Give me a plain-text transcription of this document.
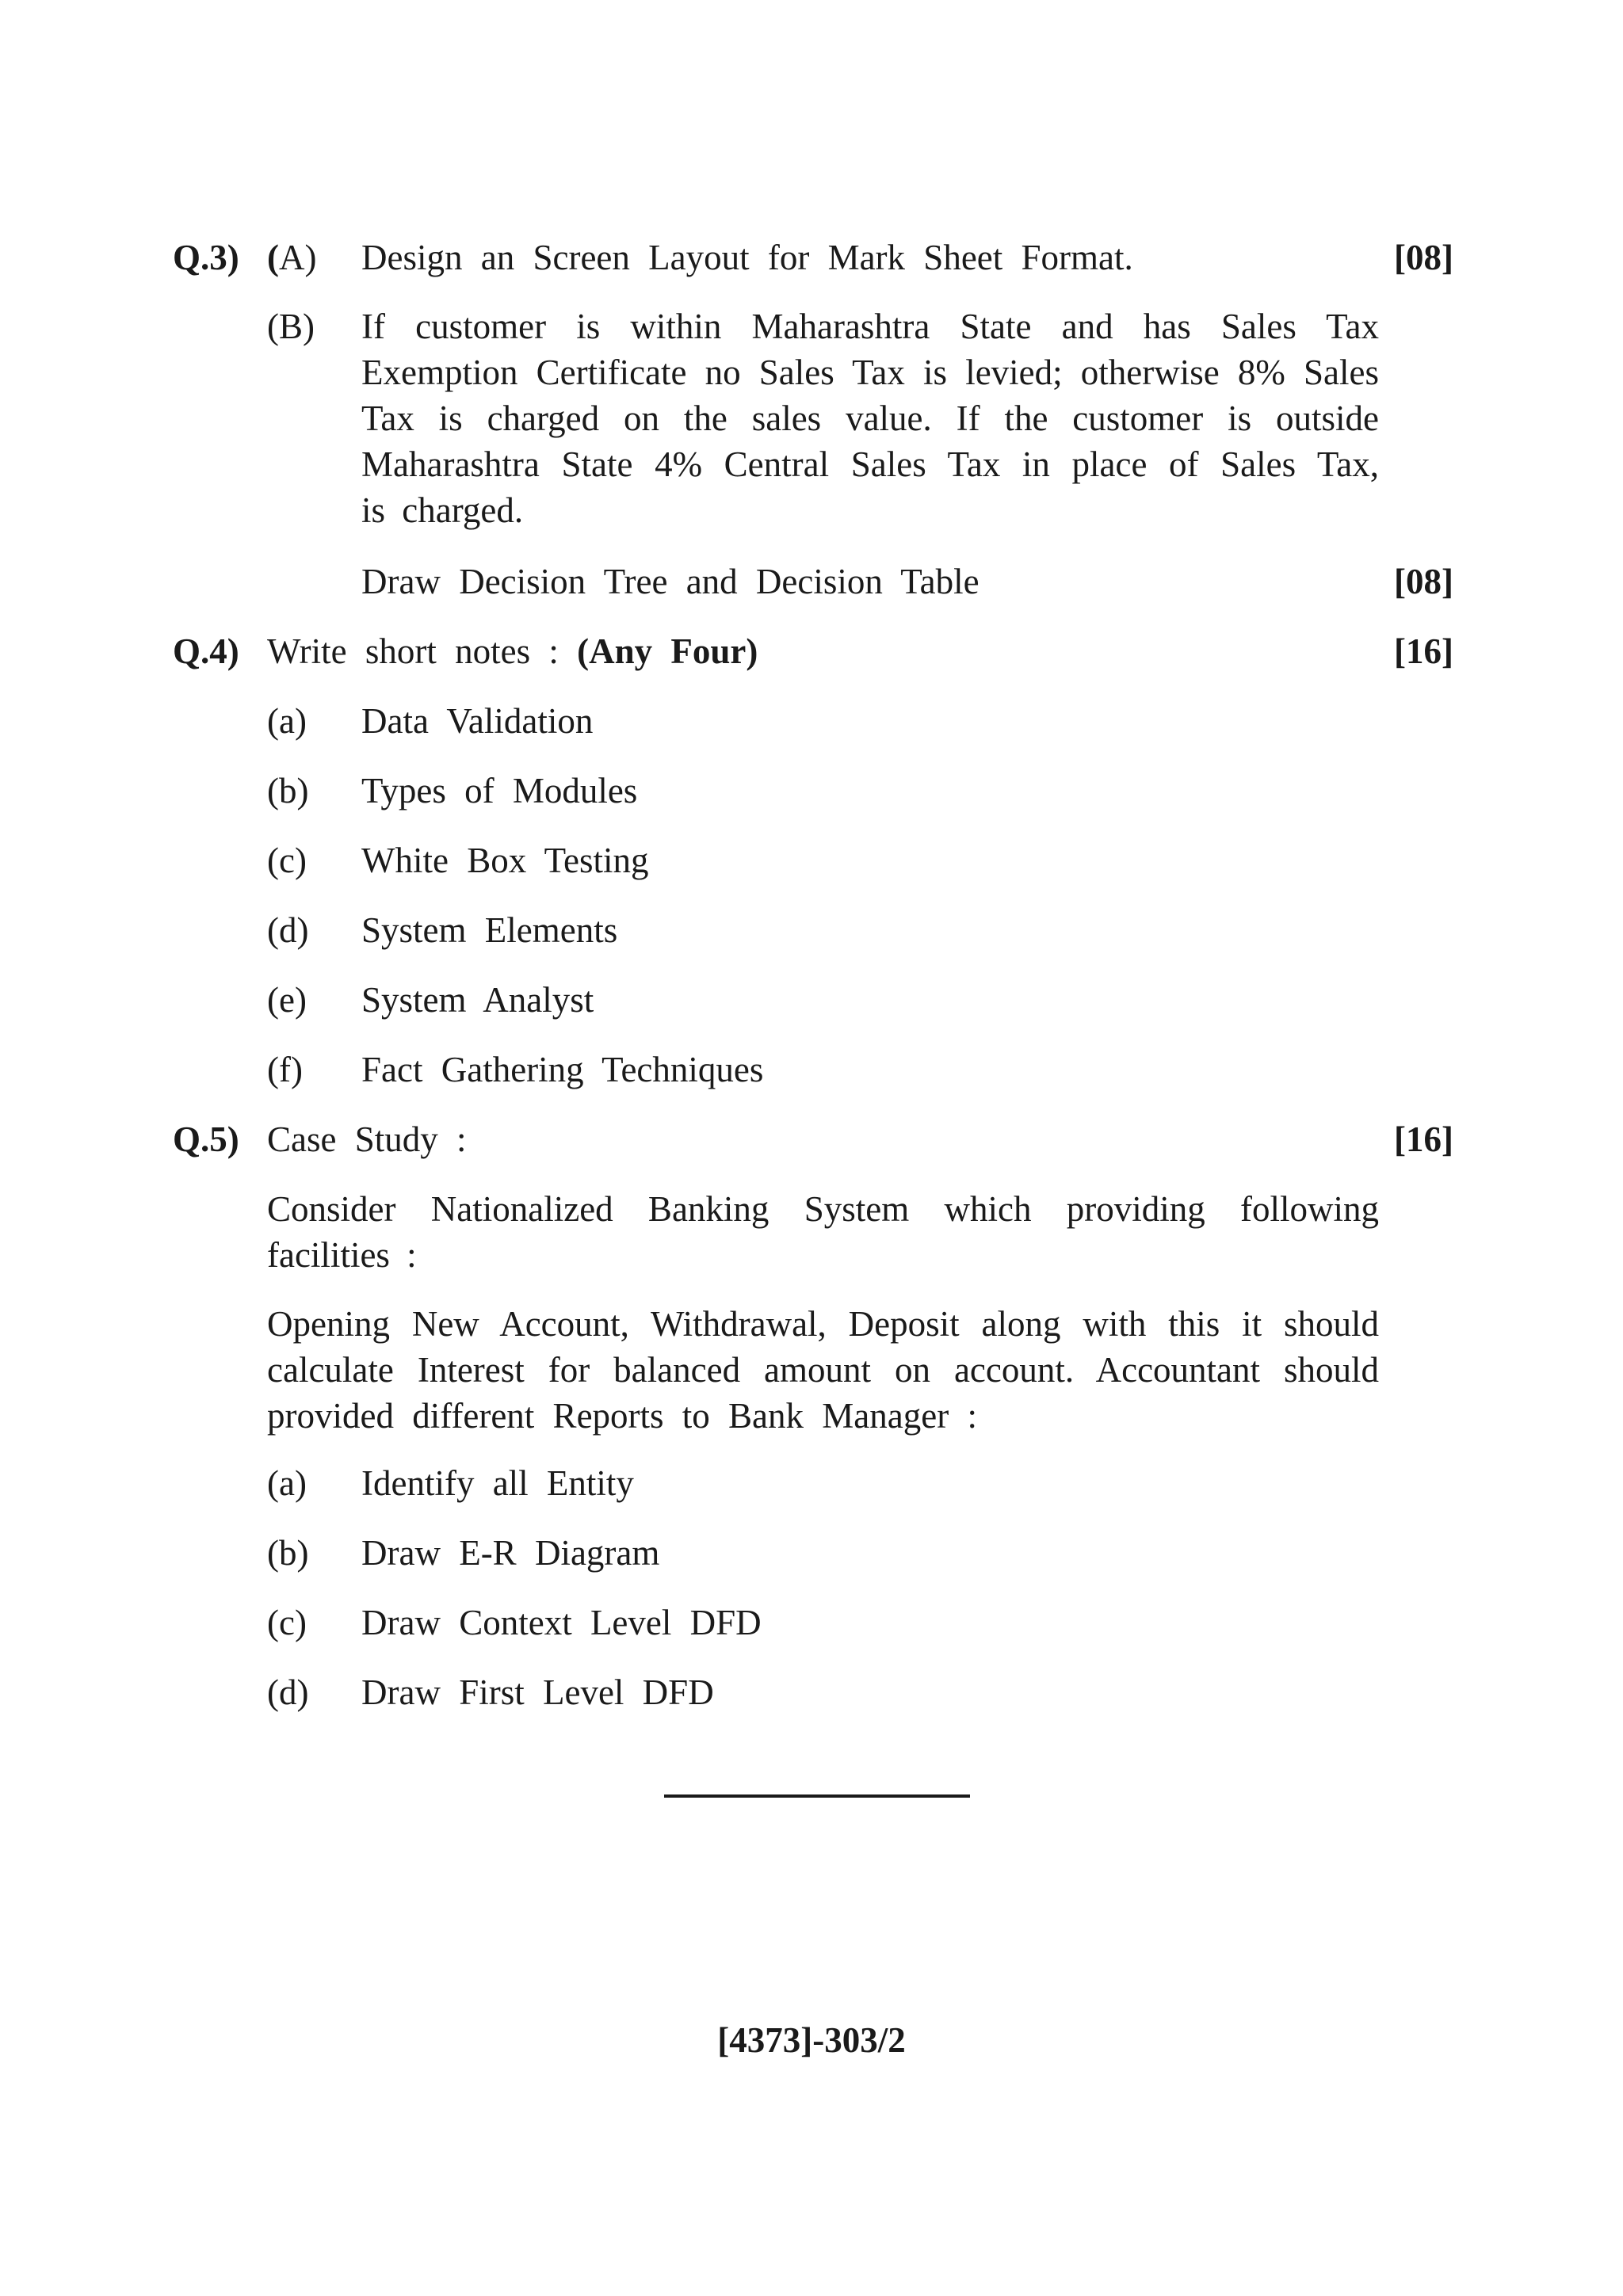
Q.3) (A) Design an Screen Layout for Mark Sheet Format.	[08]
(B) If customer is within Maharashtra State and has Sales Tax
Exemption Certificate no Sales Tax is levied; otherwise 8% Sales
Tax is charged on the sales value. If the customer is outside
Maharashtra State 4% Central Sales Tax in place of Sales Tax,
is charged.
Draw Decision Tree and Decision Table	[08]
Q.4) Write short notes : (Any Four)	[16]
(a) Data Validation
(b) Types of Modules
(c) White Box Testing
(d) System Elements
(e) System Analyst
(f) Fact Gathering Techniques
Q.5) Case Study :	[16]
Consider Nationalized Banking System which providing following
facilities :
Opening New Account, Withdrawal, Deposit along with this it should
calculate Interest for balanced amount on account. Accountant should
provided different Reports to Bank Manager :
(a) Identify all Entity
(b) Draw E-R Diagram
(c) Draw Context Level DFD
(d) Draw First Level DFD
[4373]-303/2
